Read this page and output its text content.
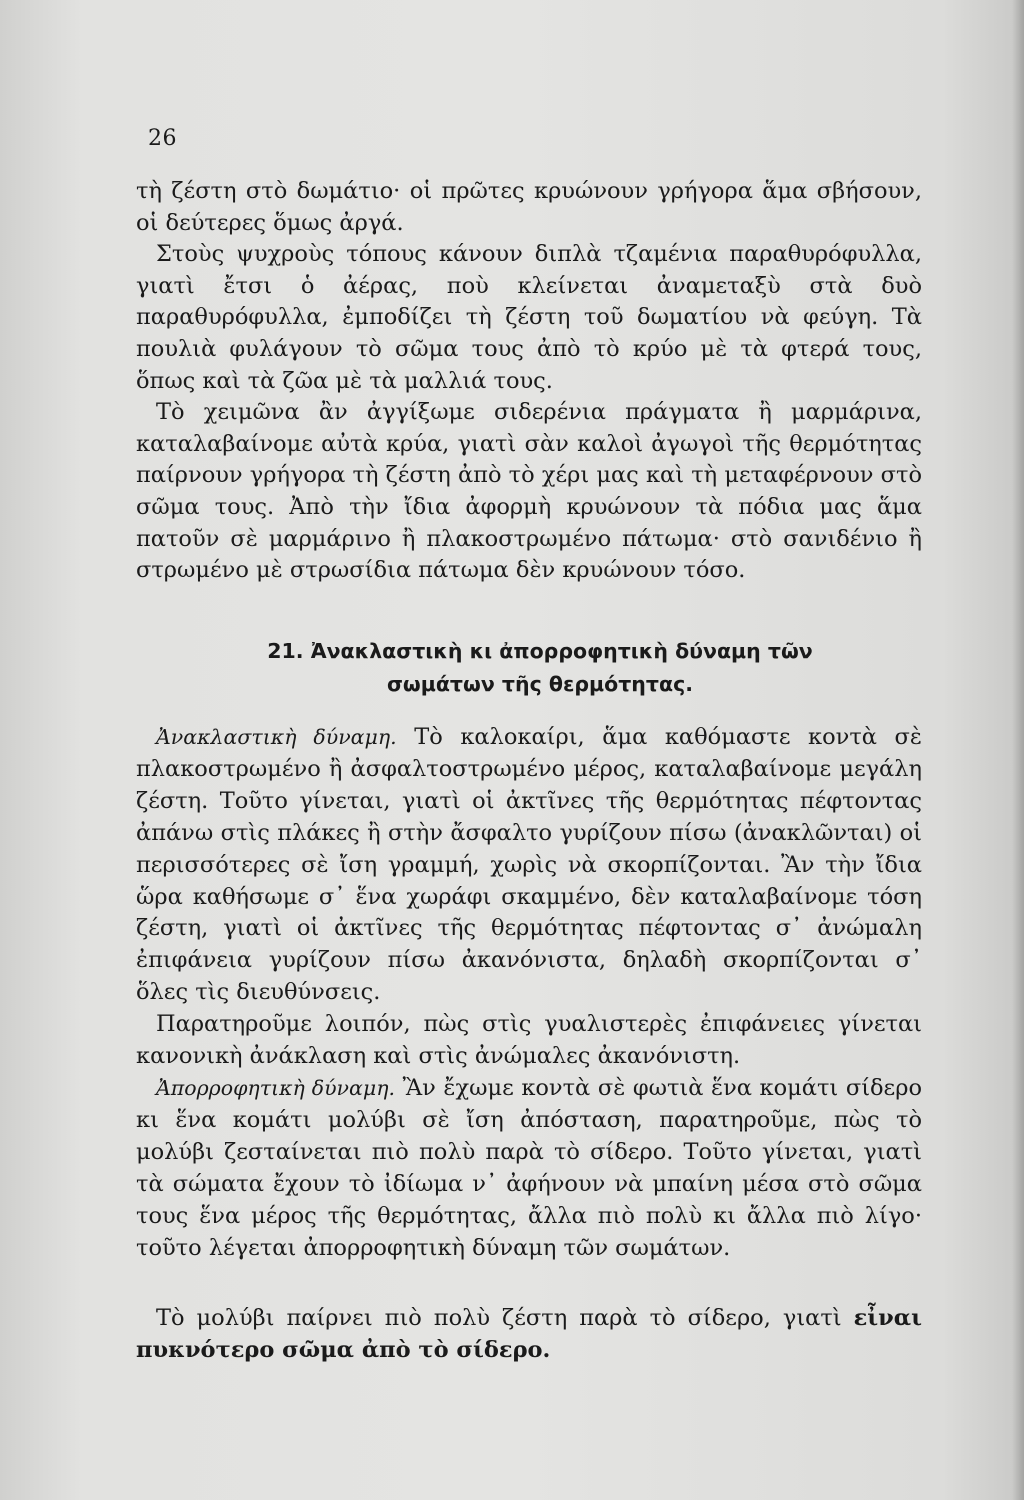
26

τὴ ζέστη στὸ δωμάτιο· οἱ πρῶτες κρυώνουν γρήγορα ἅμα σβήσουν, οἱ δεύτερες ὅμως ἀργά.

Στοὺς ψυχροὺς τόπους κάνουν διπλὰ τζαμένια παραθυρόφυλλα, γιατὶ ἔτσι ὁ ἀέρας, ποὺ κλείνεται ἀναμεταξὺ στὰ δυὸ παραθυρόφυλλα, ἐμποδίζει τὴ ζέστη τοῦ δωματίου νὰ φεύγη. Τὰ πουλιὰ φυλάγουν τὸ σῶμα τους ἀπὸ τὸ κρύο μὲ τὰ φτερά τους, ὅπως καὶ τὰ ζῶα μὲ τὰ μαλλιά τους.

Τὸ χειμῶνα ἂν ἀγγίξωμε σιδερένια πράγματα ἢ μαρμάρινα, καταλαβαίνομε αὐτὰ κρύα, γιατὶ σὰν καλοὶ ἀγωγοὶ τῆς θερμότητας παίρνουν γρήγορα τὴ ζέστη ἀπὸ τὸ χέρι μας καὶ τὴ μεταφέρνουν στὸ σῶμα τους. Ἀπὸ τὴν ἴδια ἀφορμὴ κρυώνουν τὰ πόδια μας ἅμα πατοῦν σὲ μαρμάρινο ἢ πλακοστρωμένο πάτωμα· στὸ σανιδένιο ἢ στρωμένο μὲ στρωσίδια πάτωμα δὲν κρυώνουν τόσο.

21. Ἀνακλαστικὴ κι ἀπορροφητικὴ δύναμη τῶν
σωμάτων τῆς θερμότητας.

Ἀνακλαστικὴ δύναμη. Τὸ καλοκαίρι, ἅμα καθόμαστε κοντὰ σὲ πλακοστρωμένο ἢ ἀσφαλτοστρωμένο μέρος, καταλαβαίνομε μεγάλη ζέστη. Τοῦτο γίνεται, γιατὶ οἱ ἀκτῖνες τῆς θερμότητας πέφτοντας ἀπάνω στὶς πλάκες ἢ στὴν ἄσφαλτο γυρίζουν πίσω (ἀνακλῶνται) οἱ περισσότερες σὲ ἴση γραμμή, χωρὶς νὰ σκορπίζονται. Ἂν τὴν ἴδια ὥρα καθήσωμε σ᾽ ἕνα χωράφι σκαμμένο, δὲν καταλαβαίνομε τόση ζέστη, γιατὶ οἱ ἀκτῖνες τῆς θερμότητας πέφτοντας σ᾽ ἀνώμαλη ἐπιφάνεια γυρίζουν πίσω ἀκανόνιστα, δηλαδὴ σκορπίζονται σ᾽ ὅλες τὶς διευθύνσεις.

Παρατηροῦμε λοιπόν, πὼς στὶς γυαλιστερὲς ἐπιφάνειες γίνεται κανονικὴ ἀνάκλαση καὶ στὶς ἀνώμαλες ἀκανόνιστη.

Ἀπορροφητικὴ δύναμη. Ἂν ἔχωμε κοντὰ σὲ φωτιὰ ἕνα κομάτι σίδερο κι ἕνα κομάτι μολύβι σὲ ἴση ἀπόσταση, παρατηροῦμε, πὼς τὸ μολύβι ζεσταίνεται πιὸ πολὺ παρὰ τὸ σίδερο. Τοῦτο γίνεται, γιατὶ τὰ σώματα ἔχουν τὸ ἰδίωμα ν᾽ ἀφήνουν νὰ μπαίνη μέσα στὸ σῶμα τους ἕνα μέρος τῆς θερμότητας, ἄλλα πιὸ πολὺ κι ἄλλα πιὸ λίγο· τοῦτο λέγεται ἀπορροφητικὴ δύναμη τῶν σωμάτων.

Τὸ μολύβι παίρνει πιὸ πολὺ ζέστη παρὰ τὸ σίδερο, γιατὶ εἶναι πυκνότερο σῶμα ἀπὸ τὸ σίδερο.
